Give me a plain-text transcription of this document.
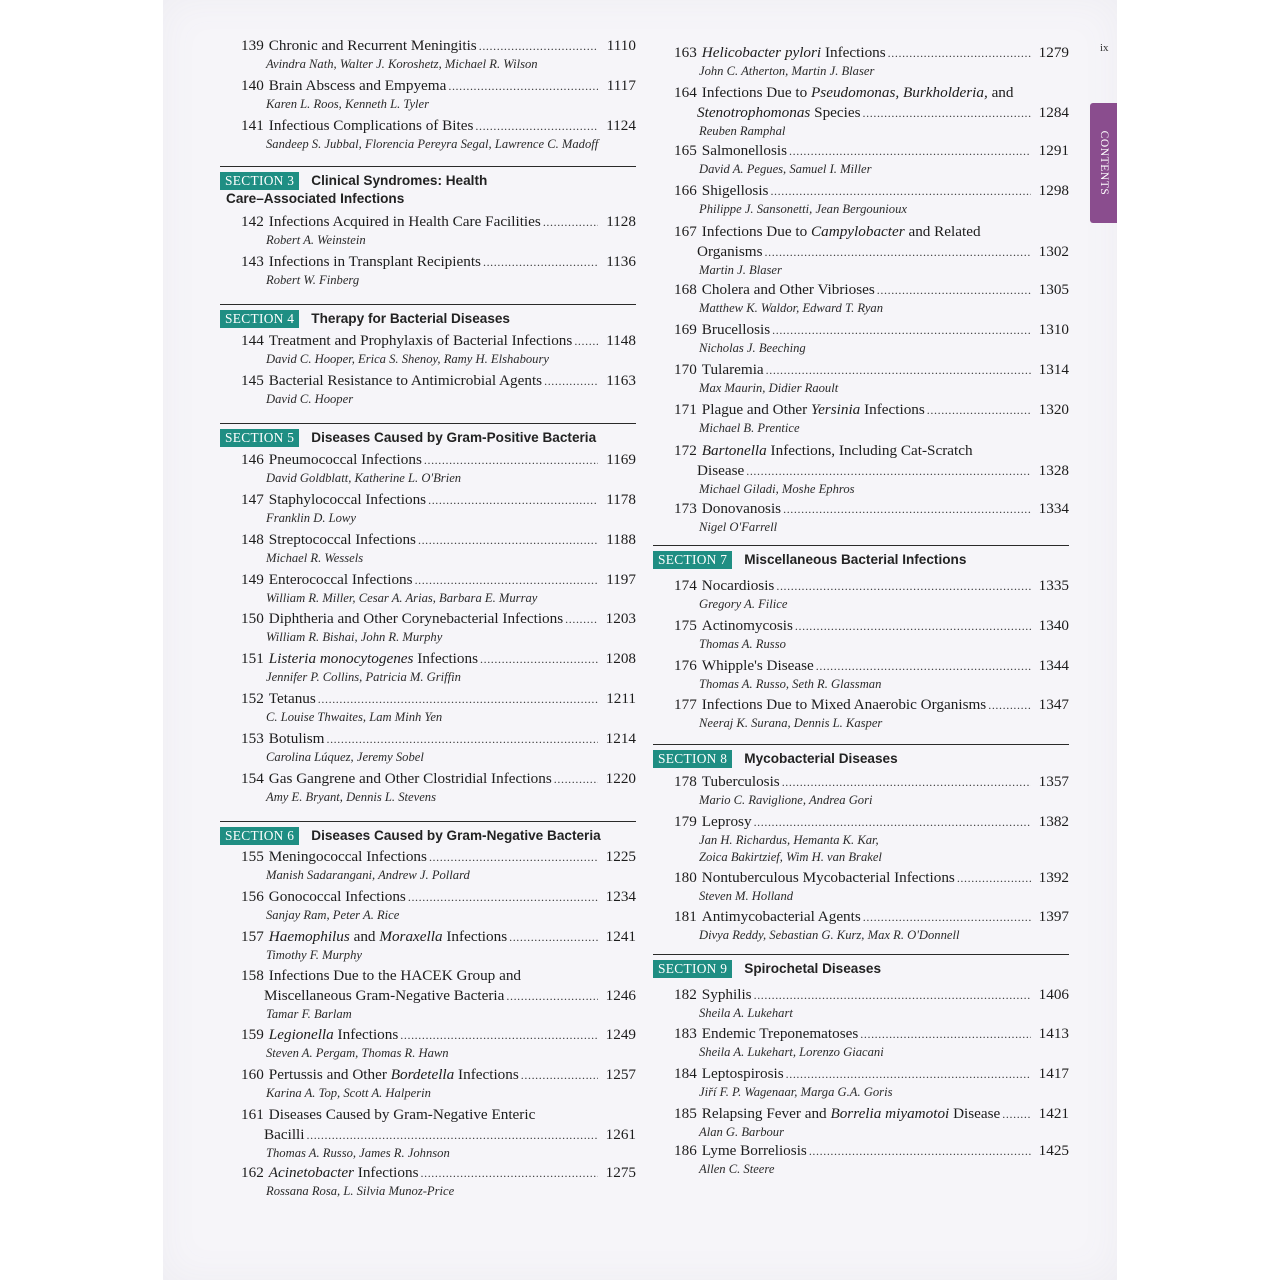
ix
CONTENTS
SECTION 3	Clinical Syndromes: Health
Care–Associated Infections
SECTION 4	Therapy for Bacterial Diseases
SECTION 5	Diseases Caused by Gram-Positive Bacteria
SECTION 6	Diseases Caused by Gram-Negative Bacteria
139 Chronic and Recurrent Meningitis .....	1110
Avindra Nath, Walter J. Koroshetz, Michael R. Wilson
140 Brain Abscess and Empyema .....	1117
Karen L. Roos, Kenneth L. Tyler
141 Infectious Complications of Bites .....	1124
Sandeep S. Jubbal, Florencia Pereyra Segal, Lawrence C. Madoff
142 Infections Acquired in Health Care Facilities .....	1128
Robert A. Weinstein
143 Infections in Transplant Recipients .....	1136
Robert W. Finberg
144 Treatment and Prophylaxis of Bacterial Infections .....	1148
David C. Hooper, Erica S. Shenoy, Ramy H. Elshaboury
145 Bacterial Resistance to Antimicrobial Agents .....	1163
David C. Hooper
146 Pneumococcal Infections .....	1169
David Goldblatt, Katherine L. O'Brien
147 Staphylococcal Infections .....	1178
Franklin D. Lowy
148 Streptococcal Infections .....	1188
Michael R. Wessels
149 Enterococcal Infections .....	1197
William R. Miller, Cesar A. Arias, Barbara E. Murray
150 Diphtheria and Other Corynebacterial Infections .....	1203
William R. Bishai, John R. Murphy
151 Listeria monocytogenes Infections .....	1208
Jennifer P. Collins, Patricia M. Griffin
152 Tetanus .....	1211
C. Louise Thwaites, Lam Minh Yen
153 Botulism .....	1214
Carolina Lúquez, Jeremy Sobel
154 Gas Gangrene and Other Clostridial Infections .....	1220
Amy E. Bryant, Dennis L. Stevens
155 Meningococcal Infections .....	1225
Manish Sadarangani, Andrew J. Pollard
156 Gonococcal Infections .....	1234
Sanjay Ram, Peter A. Rice
157 Haemophilus and Moraxella Infections .....	1241
Timothy F. Murphy
158 Infections Due to the HACEK Group and
Miscellaneous Gram-Negative Bacteria .....	1246
Tamar F. Barlam
159 Legionella Infections .....	1249
Steven A. Pergam, Thomas R. Hawn
160 Pertussis and Other Bordetella Infections .....	1257
Karina A. Top, Scott A. Halperin
161 Diseases Caused by Gram-Negative Enteric
Bacilli .....	1261
Thomas A. Russo, James R. Johnson
162 Acinetobacter Infections .....	1275
Rossana Rosa, L. Silvia Munoz-Price
SECTION 7	Miscellaneous Bacterial Infections
SECTION 8	Mycobacterial Diseases
SECTION 9	Spirochetal Diseases
163 Helicobacter pylori Infections .....	1279
John C. Atherton, Martin J. Blaser
164 Infections Due to Pseudomonas, Burkholderia, and
Stenotrophomonas Species .....	1284
Reuben Ramphal
165 Salmonellosis .....	1291
David A. Pegues, Samuel I. Miller
166 Shigellosis .....	1298
Philippe J. Sansonetti, Jean Bergounioux
167 Infections Due to Campylobacter and Related
Organisms .....	1302
Martin J. Blaser
168 Cholera and Other Vibrioses .....	1305
Matthew K. Waldor, Edward T. Ryan
169 Brucellosis .....	1310
Nicholas J. Beeching
170 Tularemia .....	1314
Max Maurin, Didier Raoult
171 Plague and Other Yersinia Infections .....	1320
Michael B. Prentice
172 Bartonella Infections, Including Cat-Scratch
Disease .....	1328
Michael Giladi, Moshe Ephros
173 Donovanosis .....	1334
Nigel O'Farrell
174 Nocardiosis .....	1335
Gregory A. Filice
175 Actinomycosis .....	1340
Thomas A. Russo
176 Whipple's Disease .....	1344
Thomas A. Russo, Seth R. Glassman
177 Infections Due to Mixed Anaerobic Organisms .....	1347
Neeraj K. Surana, Dennis L. Kasper
178 Tuberculosis .....	1357
Mario C. Raviglione, Andrea Gori
179 Leprosy .....	1382
Jan H. Richardus, Hemanta K. Kar,
Zoica Bakirtzief, Wim H. van Brakel
180 Nontuberculous Mycobacterial Infections .....	1392
Steven M. Holland
181 Antimycobacterial Agents .....	1397
Divya Reddy, Sebastian G. Kurz, Max R. O'Donnell
182 Syphilis .....	1406
Sheila A. Lukehart
183 Endemic Treponematoses .....	1413
Sheila A. Lukehart, Lorenzo Giacani
184 Leptospirosis .....	1417
Jiří F. P. Wagenaar, Marga G.A. Goris
185 Relapsing Fever and Borrelia miyamotoi Disease .....	1421
Alan G. Barbour
186 Lyme Borreliosis .....	1425
Allen C. Steere
